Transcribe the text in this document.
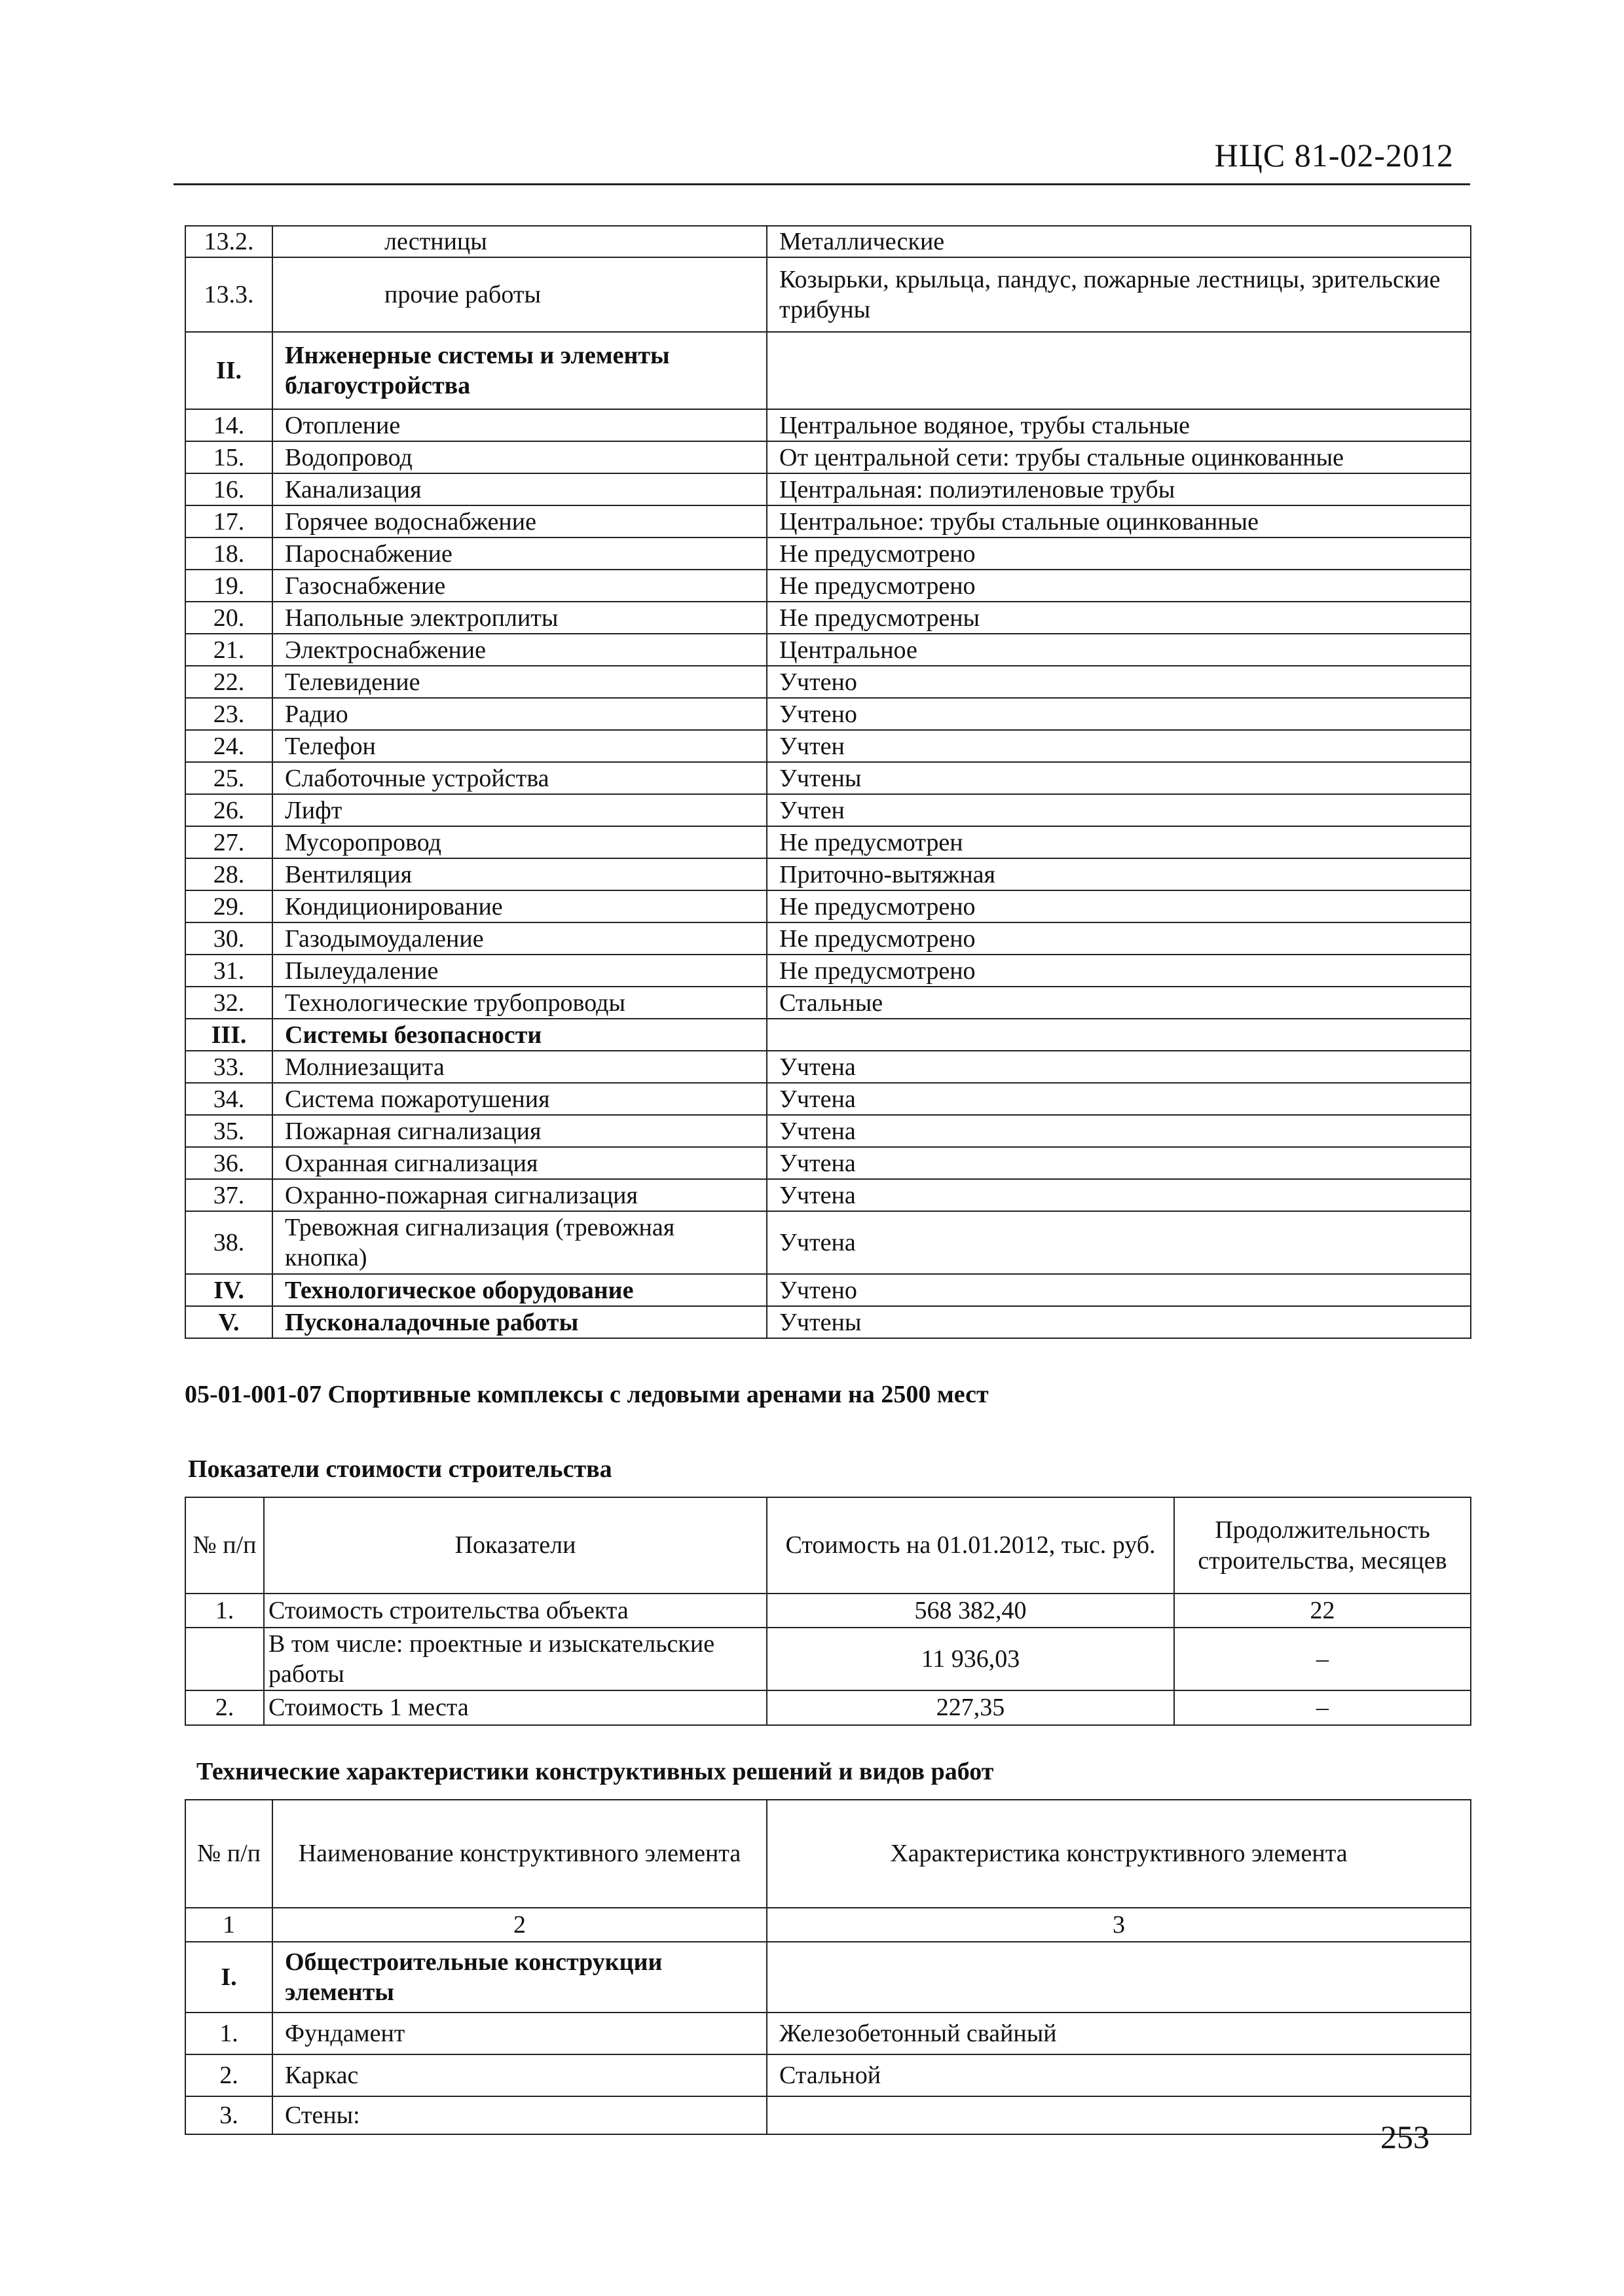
НЦС 81-02-2012
13.2.	лестницы	Металлические
13.3.	прочие работы	Козырьки, крыльца, пандус, пожарные лестницы, зрительские трибуны
II.	Инженерные системы и элементы благоустройства	
14.	Отопление	Центральное водяное, трубы стальные
15.	Водопровод	От центральной сети: трубы стальные оцинкованные
16.	Канализация	Центральная: полиэтиленовые трубы
17.	Горячее водоснабжение	Центральное: трубы стальные оцинкованные
18.	Пароснабжение	Не предусмотрено
19.	Газоснабжение	Не предусмотрено
20.	Напольные электроплиты	Не предусмотрены
21.	Электроснабжение	Центральное
22.	Телевидение	Учтено
23.	Радио	Учтено
24.	Телефон	Учтен
25.	Слаботочные устройства	Учтены
26.	Лифт	Учтен
27.	Мусоропровод	Не предусмотрен
28.	Вентиляция	Приточно-вытяжная
29.	Кондиционирование	Не предусмотрено
30.	Газодымоудаление	Не предусмотрено
31.	Пылеудаление	Не предусмотрено
32.	Технологические трубопроводы	Стальные
III.	Системы безопасности	
33.	Молниезащита	Учтена
34.	Система пожаротушения	Учтена
35.	Пожарная сигнализация	Учтена
36.	Охранная сигнализация	Учтена
37.	Охранно-пожарная сигнализация	Учтена
38.	Тревожная сигнализация (тревожная кнопка)	Учтена
IV.	Технологическое оборудование	Учтено
V.	Пусконаладочные работы	Учтены
05-01-001-07 Спортивные комплексы с ледовыми аренами на 2500 мест
Показатели стоимости строительства
№ п/п	Показатели	Стоимость на 01.01.2012, тыс. руб.	Продолжительность строительства, месяцев
1.	Стоимость строительства объекта	568 382,40	22
	В том числе: проектные и изыскательские работы	11 936,03	–
2.	Стоимость 1 места	227,35	–
Технические характеристики конструктивных решений и видов работ
№ п/п	Наименование конструктивного элемента	Характеристика конструктивного элемента
1	2	3
I.	Общестроительные конструкции элементы	
1.	Фундамент	Железобетонный свайный
2.	Каркас	Стальной
3.	Стены:	
253
